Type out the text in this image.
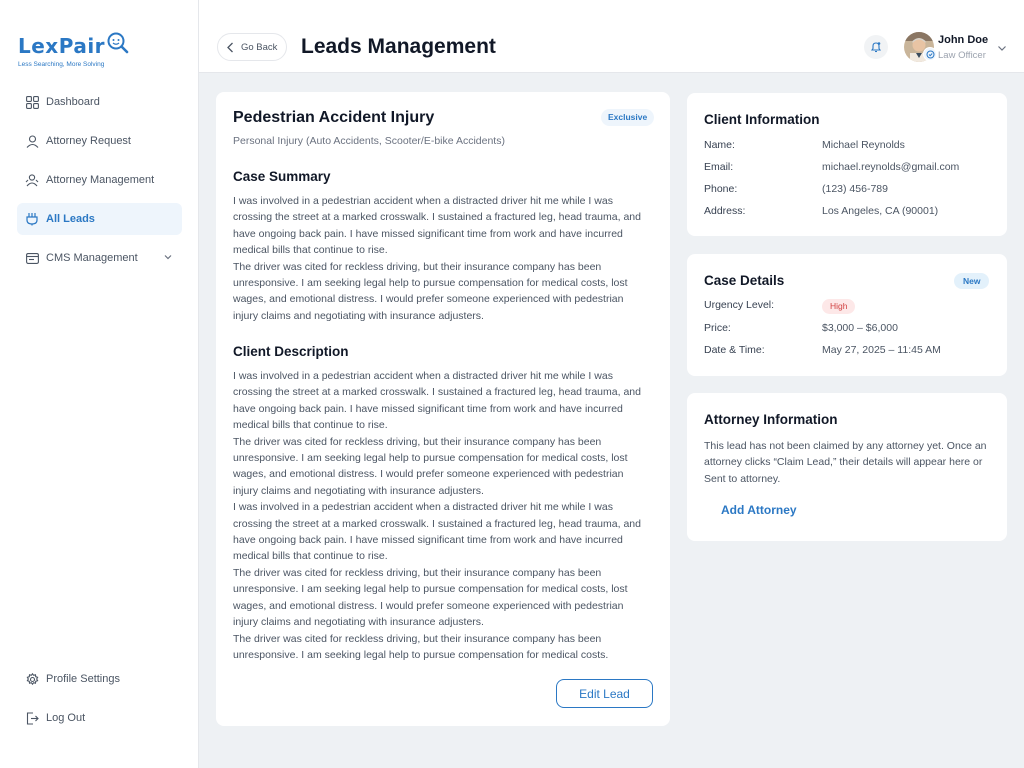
LexPair
Less Searching, More Solving
Dashboard
Attorney Request
Attorney Management
All Leads
CMS Management
Profile Settings
Log Out
Go Back Leads Management	John Doe
Law Officer
Pedestrian Accident Injury	Exclusive
Personal Injury (Auto Accidents, Scooter/E-bike Accidents)
Case Summary
I was involved in a pedestrian accident when a distracted driver hit me while I was crossing the street at a marked crosswalk. I sustained a fractured leg, head trauma, and have ongoing back pain. I have missed significant time from work and have incurred medical bills that continue to rise.
The driver was cited for reckless driving, but their insurance company has been unresponsive. I am seeking legal help to pursue compensation for medical costs, lost wages, and emotional distress. I would prefer someone experienced with pedestrian injury claims and negotiating with insurance adjusters.
Client Description
I was involved in a pedestrian accident when a distracted driver hit me while I was crossing the street at a marked crosswalk. I sustained a fractured leg, head trauma, and have ongoing back pain. I have missed significant time from work and have incurred medical bills that continue to rise.
The driver was cited for reckless driving, but their insurance company has been unresponsive. I am seeking legal help to pursue compensation for medical costs, lost wages, and emotional distress. I would prefer someone experienced with pedestrian injury claims and negotiating with insurance adjusters.
I was involved in a pedestrian accident when a distracted driver hit me while I was crossing the street at a marked crosswalk. I sustained a fractured leg, head trauma, and have ongoing back pain. I have missed significant time from work and have incurred medical bills that continue to rise.
The driver was cited for reckless driving, but their insurance company has been unresponsive. I am seeking legal help to pursue compensation for medical costs, lost wages, and emotional distress. I would prefer someone experienced with pedestrian injury claims and negotiating with insurance adjusters.
The driver was cited for reckless driving, but their insurance company has been unresponsive. I am seeking legal help to pursue compensation for medical costs.
Edit Lead
Client Information
Name:	Michael Reynolds
Email:	michael.reynolds@gmail.com
Phone:	(123) 456-789
Address:	Los Angeles, CA (90001)
Case Details	New
Urgency Level:	High
Price:	$3,000 – $6,000
Date & Time:	May 27, 2025 – 11:45 AM
Attorney Information

This lead has not been claimed by any attorney yet. Once an attorney clicks “Claim Lead,” their details will appear here or Sent to attorney.

Add Attorney
